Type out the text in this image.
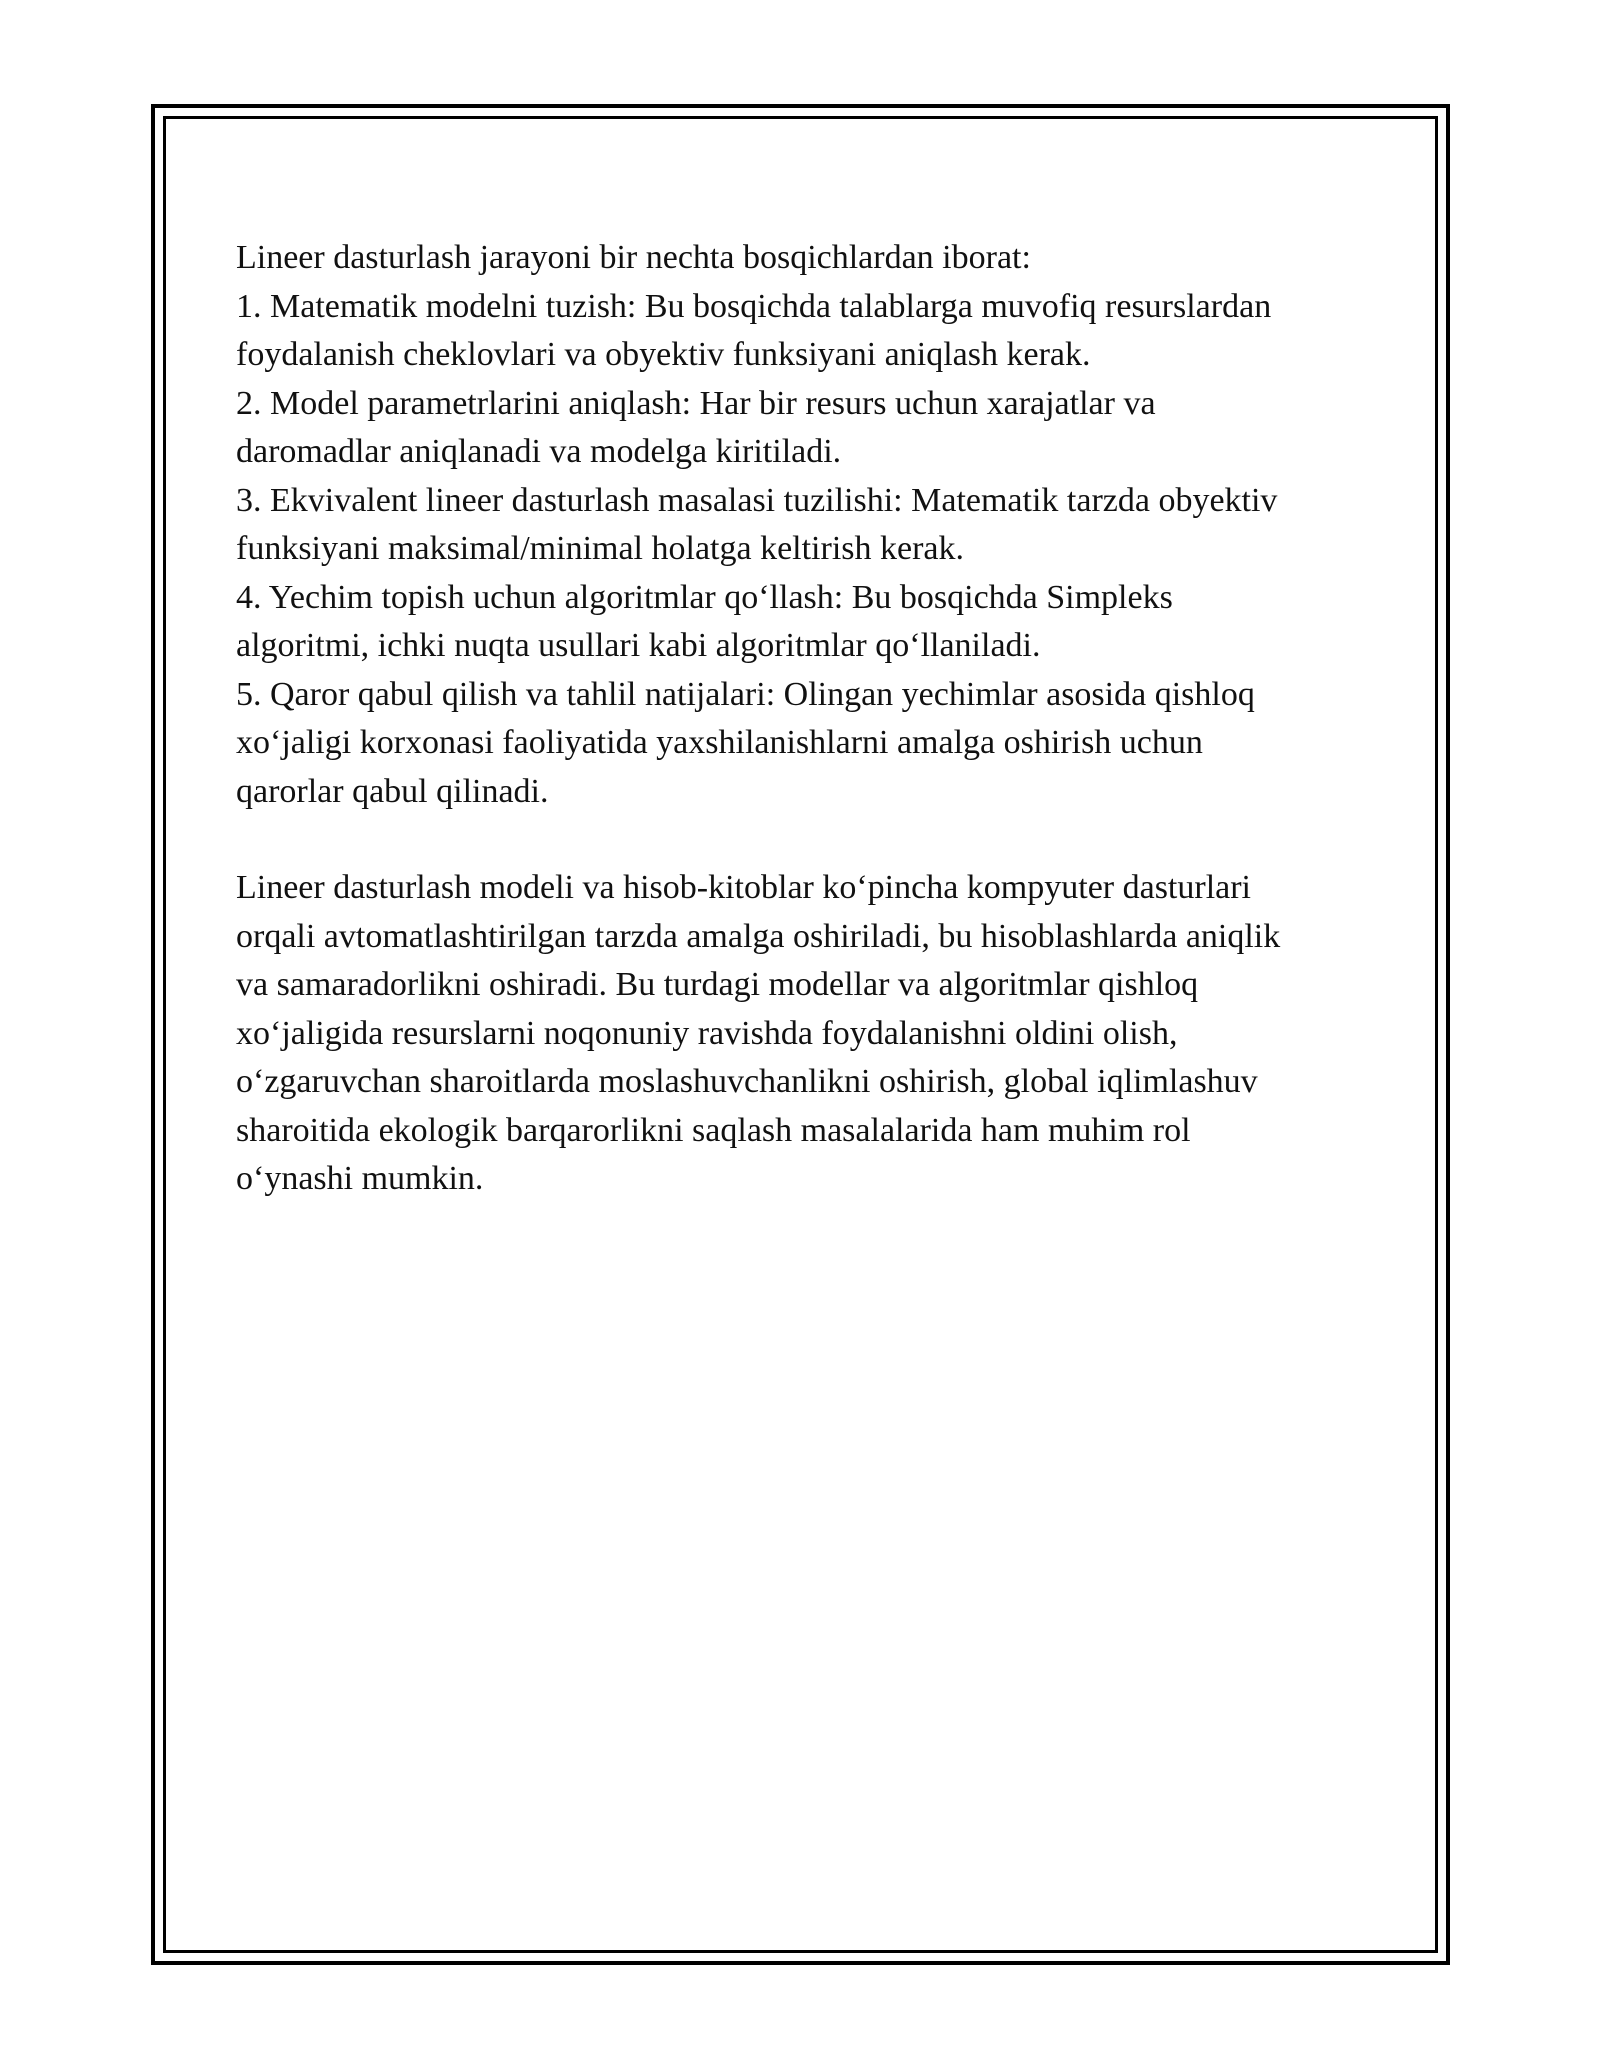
Lineer dasturlash jarayoni bir nechta bosqichlardan iborat:
1. Matematik modelni tuzish: Bu bosqichda talablarga muvofiq resurslardan
foydalanish cheklovlari va obyektiv funksiyani aniqlash kerak.
2. Model parametrlarini aniqlash: Har bir resurs uchun xarajatlar va
daromadlar aniqlanadi va modelga kiritiladi.
3. Ekvivalent lineer dasturlash masalasi tuzilishi: Matematik tarzda obyektiv
funksiyani maksimal/minimal holatga keltirish kerak.
4. Yechim topish uchun algoritmlar qo‘llash: Bu bosqichda Simpleks
algoritmi, ichki nuqta usullari kabi algoritmlar qo‘llaniladi.
5. Qaror qabul qilish va tahlil natijalari: Olingan yechimlar asosida qishloq
xo‘jaligi korxonasi faoliyatida yaxshilanishlarni amalga oshirish uchun
qarorlar qabul qilinadi.
Lineer dasturlash modeli va hisob-kitoblar ko‘pincha kompyuter dasturlari
orqali avtomatlashtirilgan tarzda amalga oshiriladi, bu hisoblashlarda aniqlik
va samaradorlikni oshiradi. Bu turdagi modellar va algoritmlar qishloq
xo‘jaligida resurslarni noqonuniy ravishda foydalanishni oldini olish,
o‘zgaruvchan sharoitlarda moslashuvchanlikni oshirish, global iqlimlashuv
sharoitida ekologik barqarorlikni saqlash masalalarida ham muhim rol
o‘ynashi mumkin.
